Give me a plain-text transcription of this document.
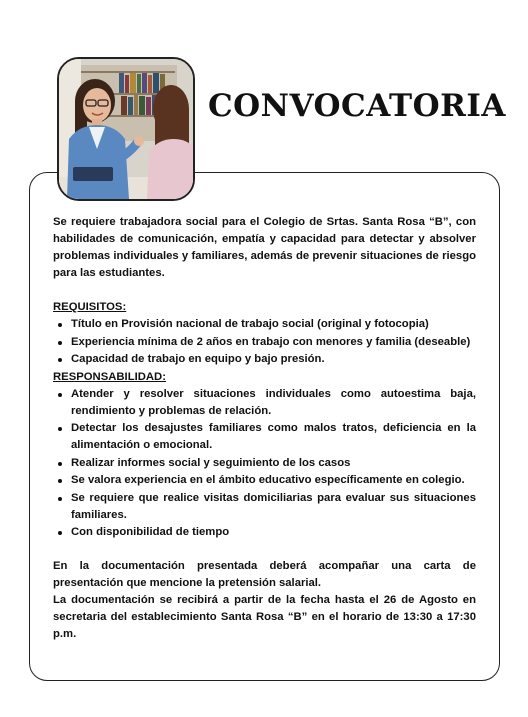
CONVOCATORIA

Se requiere trabajadora social para el Colegio de Srtas. Santa Rosa “B”, con habilidades de comunicación, empatía y capacidad para detectar y absolver problemas individuales y familiares, además de prevenir situaciones de riesgo para las estudiantes.

REQUISITOS:

Título en Provisión nacional de trabajo social (original y fotocopia)
Experiencia mínima de 2 años en trabajo con menores y familia (deseable)
Capacidad de trabajo en equipo y bajo presión.

RESPONSABILIDAD:

Atender y resolver situaciones individuales como autoestima baja, rendimiento y problemas de relación.
Detectar los desajustes familiares como malos tratos, deficiencia en la alimentación o emocional.
Realizar informes social y seguimiento de los casos
Se valora experiencia en el ámbito educativo específicamente en colegio.
Se requiere que realice visitas domiciliarias para evaluar sus situaciones familiares.
Con disponibilidad de tiempo

En la documentación presentada deberá acompañar una carta de presentación que mencione la pretensión salarial.

La documentación se recibirá a partir de la fecha hasta el 26 de Agosto en secretaria del establecimiento Santa Rosa “B” en el horario de 13:30 a 17:30 p.m.
